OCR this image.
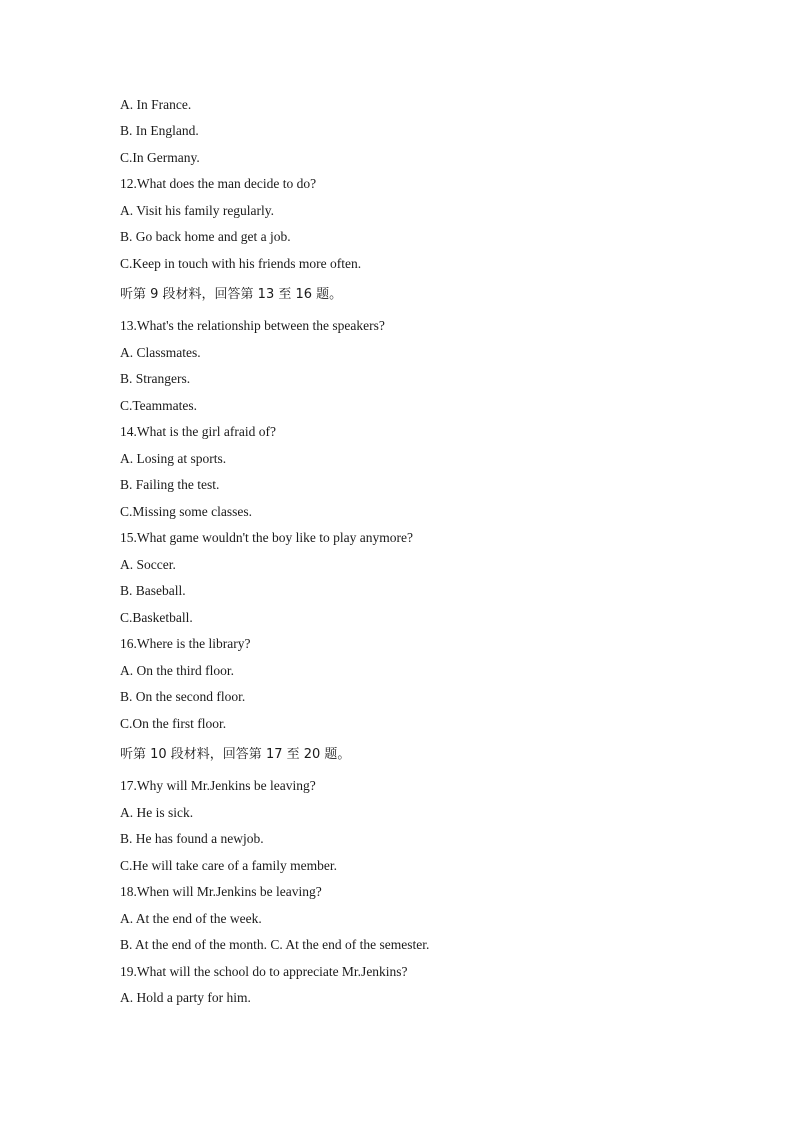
A. In France.
B. In England.
C.In Germany.
12.What does the man decide to do?
A. Visit his family regularly.
B. Go back home and get a job.
C.Keep in touch with his friends more often.
听第 9 段材料，回答第 13 至 16 题。
13.What's the relationship between the speakers?
A. Classmates.
B. Strangers.
C.Teammates.
14.What is the girl afraid of?
A. Losing at sports.
B. Failing the test.
C.Missing some classes.
15.What game wouldn't the boy like to play anymore?
A. Soccer.
B. Baseball.
C.Basketball.
16.Where is the library?
A. On the third floor.
B. On the second floor.
C.On the first floor.
听第 10 段材料，回答第 17 至 20 题。
17.Why will Mr.Jenkins be leaving?
A. He is sick.
B. He has found a newjob.
C.He will take care of a family member.
18.When will Mr.Jenkins be leaving?
A. At the end of the week.
B. At the end of the month. C. At the end of the semester.
19.What will the school do to appreciate Mr.Jenkins?
A. Hold a party for him.
